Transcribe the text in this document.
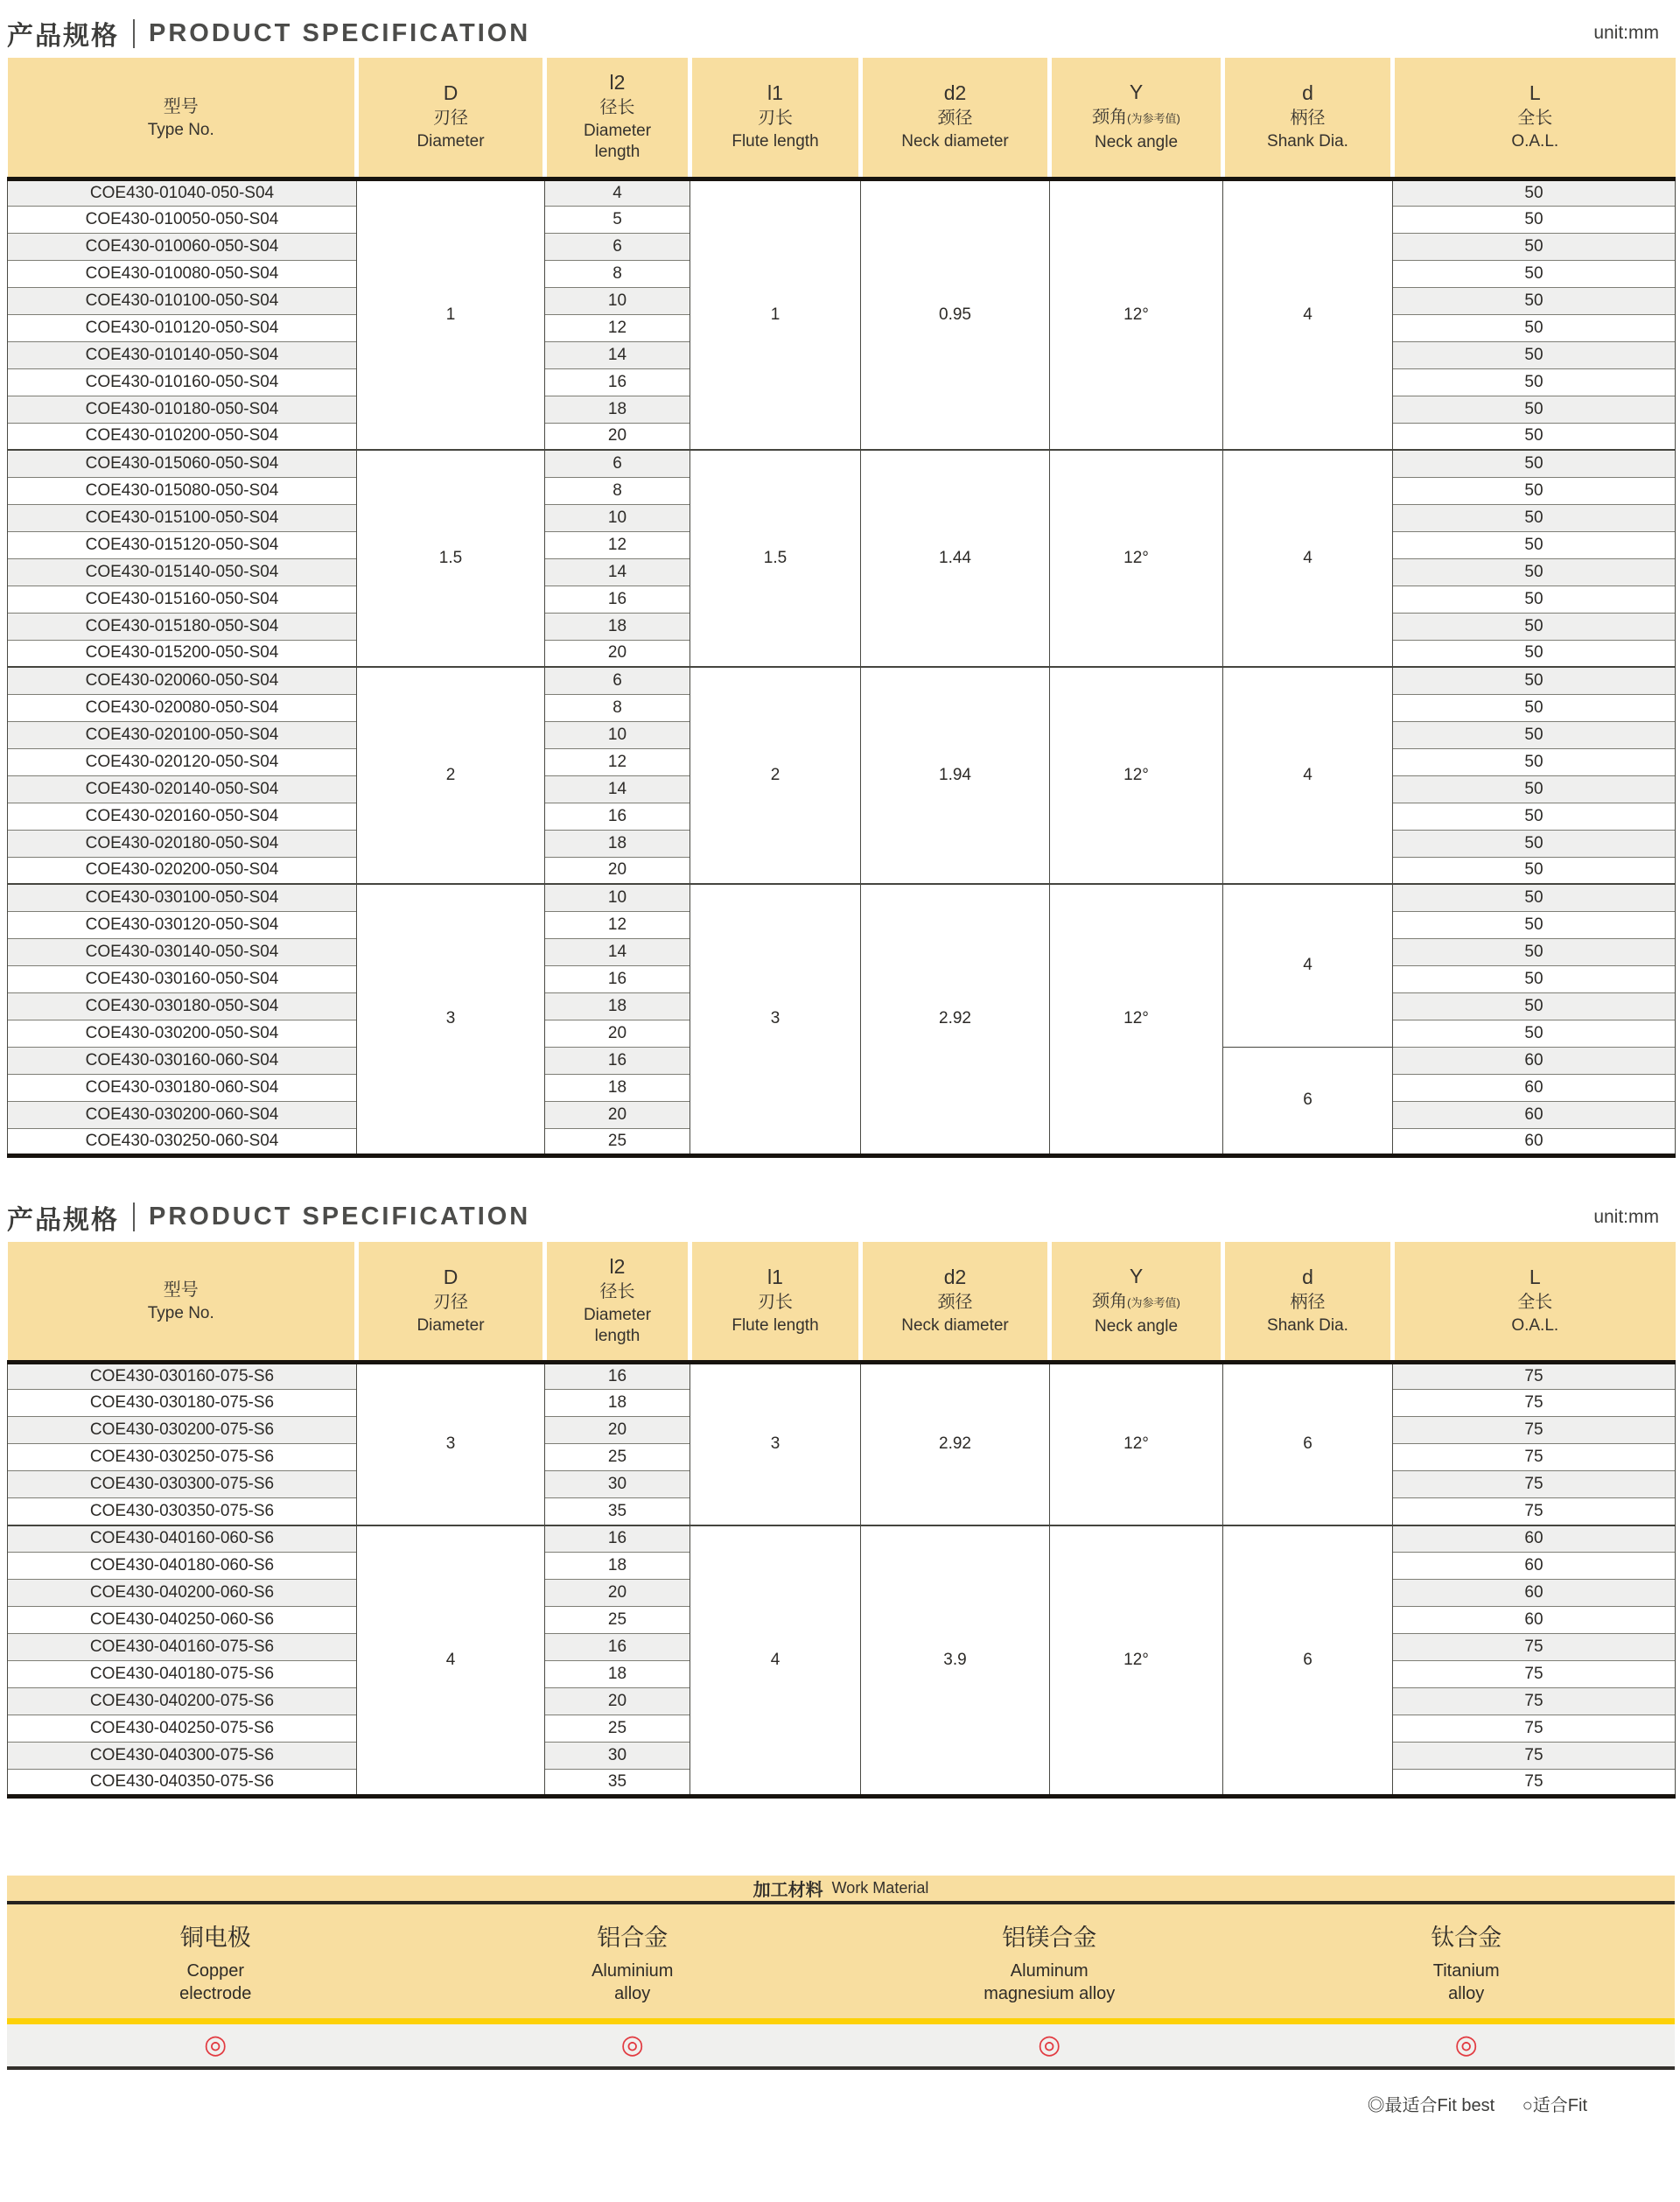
产品规格 PRODUCT SPECIFICATION	unit:mm
型号
Type No.

D
刃径
Diameter

l2
径长
Diameter
length

l1
刃长
Flute length

d2
颈径
Neck diameter

Y
颈角(为参考值)
Neck angle

d
柄径
Shank Dia.

L
全长
O.A.L.

COE430-01040-050-S04	1	4	1	0.95	12°	4	50
COE430-010050-050-S04		5					50
COE430-010060-050-S04		6					50
COE430-010080-050-S04		8					50
COE430-010100-050-S04		10					50
COE430-010120-050-S04		12					50
COE430-010140-050-S04		14					50
COE430-010160-050-S04		16					50
COE430-010180-050-S04		18					50
COE430-010200-050-S04		20					50
COE430-015060-050-S04	1.5	6	1.5	1.44	12°	4	50
COE430-015080-050-S04		8					50
COE430-015100-050-S04		10					50
COE430-015120-050-S04		12					50
COE430-015140-050-S04		14					50
COE430-015160-050-S04		16					50
COE430-015180-050-S04		18					50
COE430-015200-050-S04		20					50
COE430-020060-050-S04	2	6	2	1.94	12°	4	50
COE430-020080-050-S04		8					50
COE430-020100-050-S04		10					50
COE430-020120-050-S04		12					50
COE430-020140-050-S04		14					50
COE430-020160-050-S04		16					50
COE430-020180-050-S04		18					50
COE430-020200-050-S04		20					50
COE430-030100-050-S04	3	10	3	2.92	12°	4	50
COE430-030120-050-S04		12					50
COE430-030140-050-S04		14					50
COE430-030160-050-S04		16					50
COE430-030180-050-S04		18					50
COE430-030200-050-S04		20					50
COE430-030160-060-S04		16				6	60
COE430-030180-060-S04		18					60
COE430-030200-060-S04		20					60
COE430-030250-060-S04		25					60
产品规格 PRODUCT SPECIFICATION	unit:mm
型号
Type No.

D
刃径
Diameter

l2
径长
Diameter
length

l1
刃长
Flute length

d2
颈径
Neck diameter

Y
颈角(为参考值)
Neck angle

d
柄径
Shank Dia.

L
全长
O.A.L.

COE430-030160-075-S6	3	16	3	2.92	12°	6	75
COE430-030180-075-S6		18					75
COE430-030200-075-S6		20					75
COE430-030250-075-S6		25					75
COE430-030300-075-S6		30					75
COE430-030350-075-S6		35					75
COE430-040160-060-S6	4	16	4	3.9	12°	6	60
COE430-040180-060-S6		18					60
COE430-040200-060-S6		20					60
COE430-040250-060-S6		25					60
COE430-040160-075-S6		16					75
COE430-040180-075-S6		18					75
COE430-040200-075-S6		20					75
COE430-040250-075-S6		25					75
COE430-040300-075-S6		30					75
COE430-040350-075-S6		35					75
加工材料 Work Material
铜电极
Copper
electrode
铝合金
Aluminium
alloy
铝镁合金
Aluminum
magnesium alloy
钛合金
Titanium
alloy
◎	◎	◎	◎
◎最适合Fit best ○适合Fit
